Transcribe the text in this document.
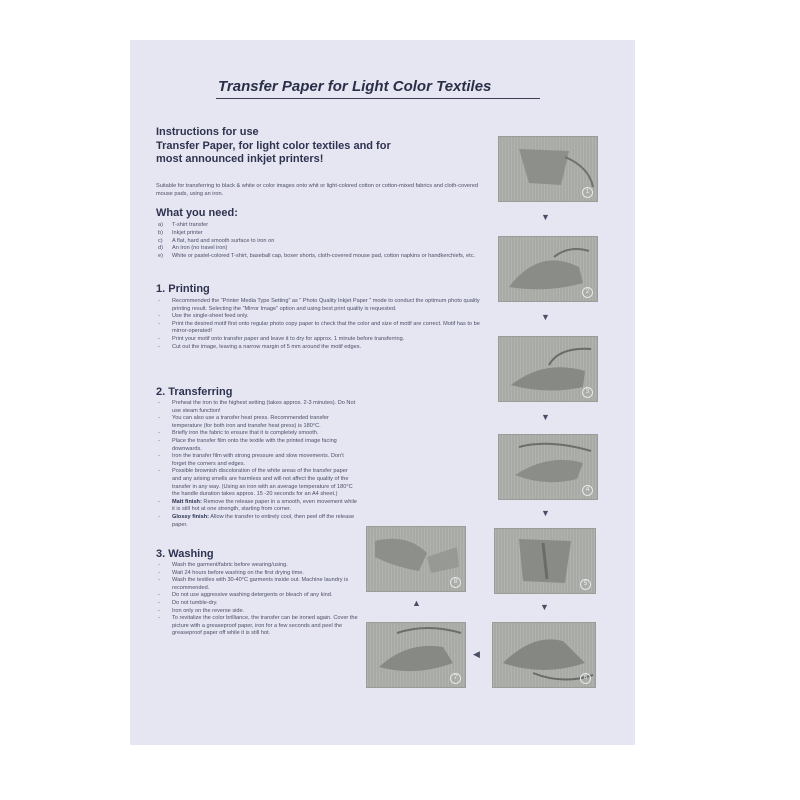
Transfer Paper for Light Color Textiles
Instructions for use
Transfer Paper, for light color textiles and for
most announced inkjet printers!
Suitable for transferring to black & white or color images onto whit or light-colored cotton or cotton-mixed fabrics and cloth-covered mouse pads, using an iron.
What you need:
a)	T-shirt transfer
b)	Inkjet printer
c)	A flat, hard and smooth surface to iron on
d)	An iron (no travel iron)
e)	White or pastel-colored T-shirt, baseball cap, boxer shorts, cloth-covered mouse pad, cotton napkins or handkerchiefs, etc.
1. Printing
-	Recommended the “Printer Media Type Setting” as “ Photo Quality Inkjet Paper ” mode to conduct the optimum photo quality printing result. Selecting the “Mirror Image” option and using best print quality is requested.
-	Use the single-sheet feed only.
-	Print the desired motif first onto regular photo copy paper to check that the color and size of motif are correct. Motif has to be mirror-operated!
-	Print your motif onto transfer paper and leave it to dry for approx. 1 minute before transferring.
-	Cut out the image, leaving a narrow margin of 5 mm around the motif edges.
2. Transferring
-	Preheat the iron to the highest setting (takes approx. 2-3 minutes). Do Not use steam function!
-	You can also use a transfer heat press. Recommended transfer temperature (for both iron and transfer heat press) is 180°C.
-	Briefly iron the fabric to ensure that it is completely smooth.
-	Place the transfer film onto the textile with the printed image facing downwards.
-	Iron the transfer film with strong pressure and slow movements. Don't forget the corners and edges.
-	Possible brownish discoloration of the white areas of the transfer paper and any arising smells are harmless and will not affect the quality of the transfer in any way. (Using an iron with an average temperature of 180°C the handle duration takes approx. 15 -20 seconds for an A4 sheet.)
-	Matt finish: Remove the release paper in a smooth, even movement while it is still hot at one strength, starting from corner.
-	Glossy finish: Allow the transfer to entirely cool, then peel off the release paper.
3. Washing
-	Wash the garment/fabric before wearing/using.
-	Wait 24 hours before washing on the first drying time.
-	Wash the textiles with 30-40°C garments inside out. Machine laundry is recommended.
-	Do not use aggressive washing detergents or bleach of any kind.
-	Do not tumble-dry.
-	Iron only on the reverse side.
-	To revitalize the color brilliance, the transfer can be ironed again. Cover the picture with a greaseproof paper, iron for a few seconds and peel the greaseproof paper off while it is still hot.
1
▼
2
▼
3
▼
4
▼
5
▼
6
◀
7
▲
8
